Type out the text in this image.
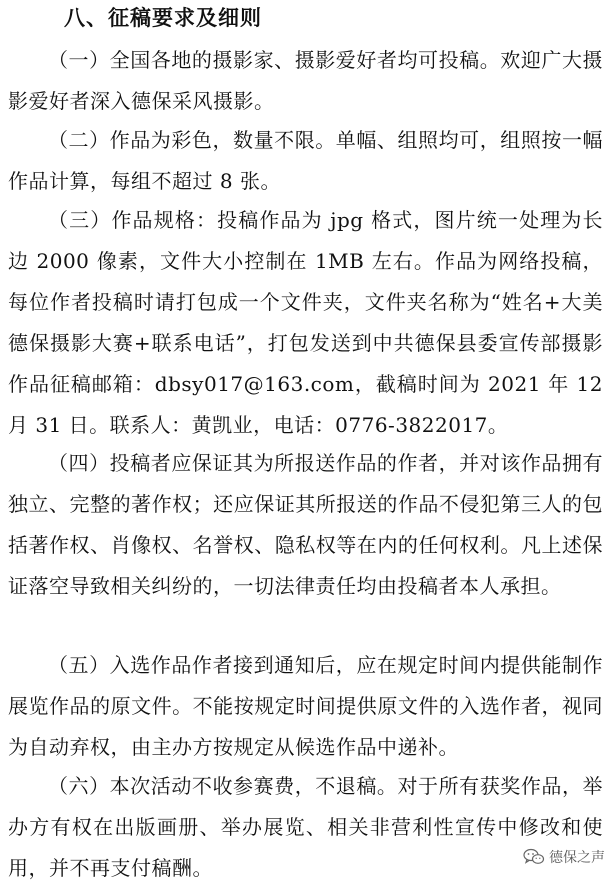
八、征稿要求及细则

（一）全国各地的摄影家、摄影爱好者均可投稿。欢迎广大摄影爱好者深入德保采风摄影。

（二）作品为彩色，数量不限。单幅、组照均可，组照按一幅作品计算，每组不超过 8 张。

（三）作品规格：投稿作品为 jpg 格式，图片统一处理为长边 2000 像素，文件大小控制在 1MB 左右。作品为网络投稿，每位作者投稿时请打包成一个文件夹，文件夹名称为“姓名+大美德保摄影大赛+联系电话”，打包发送到中共德保县委宣传部摄影作品征稿邮箱：dbsy017@163.com，截稿时间为 2021 年 12 月 31 日。联系人：黄凯业，电话：0776-3822017。

（四）投稿者应保证其为所报送作品的作者，并对该作品拥有独立、完整的著作权；还应保证其所报送的作品不侵犯第三人的包括著作权、肖像权、名誉权、隐私权等在内的任何权利。凡上述保证落空导致相关纠纷的，一切法律责任均由投稿者本人承担。

（五）入选作品作者接到通知后，应在规定时间内提供能制作展览作品的原文件。不能按规定时间提供原文件的入选作者，视同为自动弃权，由主办方按规定从候选作品中递补。

（六）本次活动不收参赛费，不退稿。对于所有获奖作品，举办方有权在出版画册、举办展览、相关非营利性宣传中修改和使用，并不再支付稿酬。	德保之声
